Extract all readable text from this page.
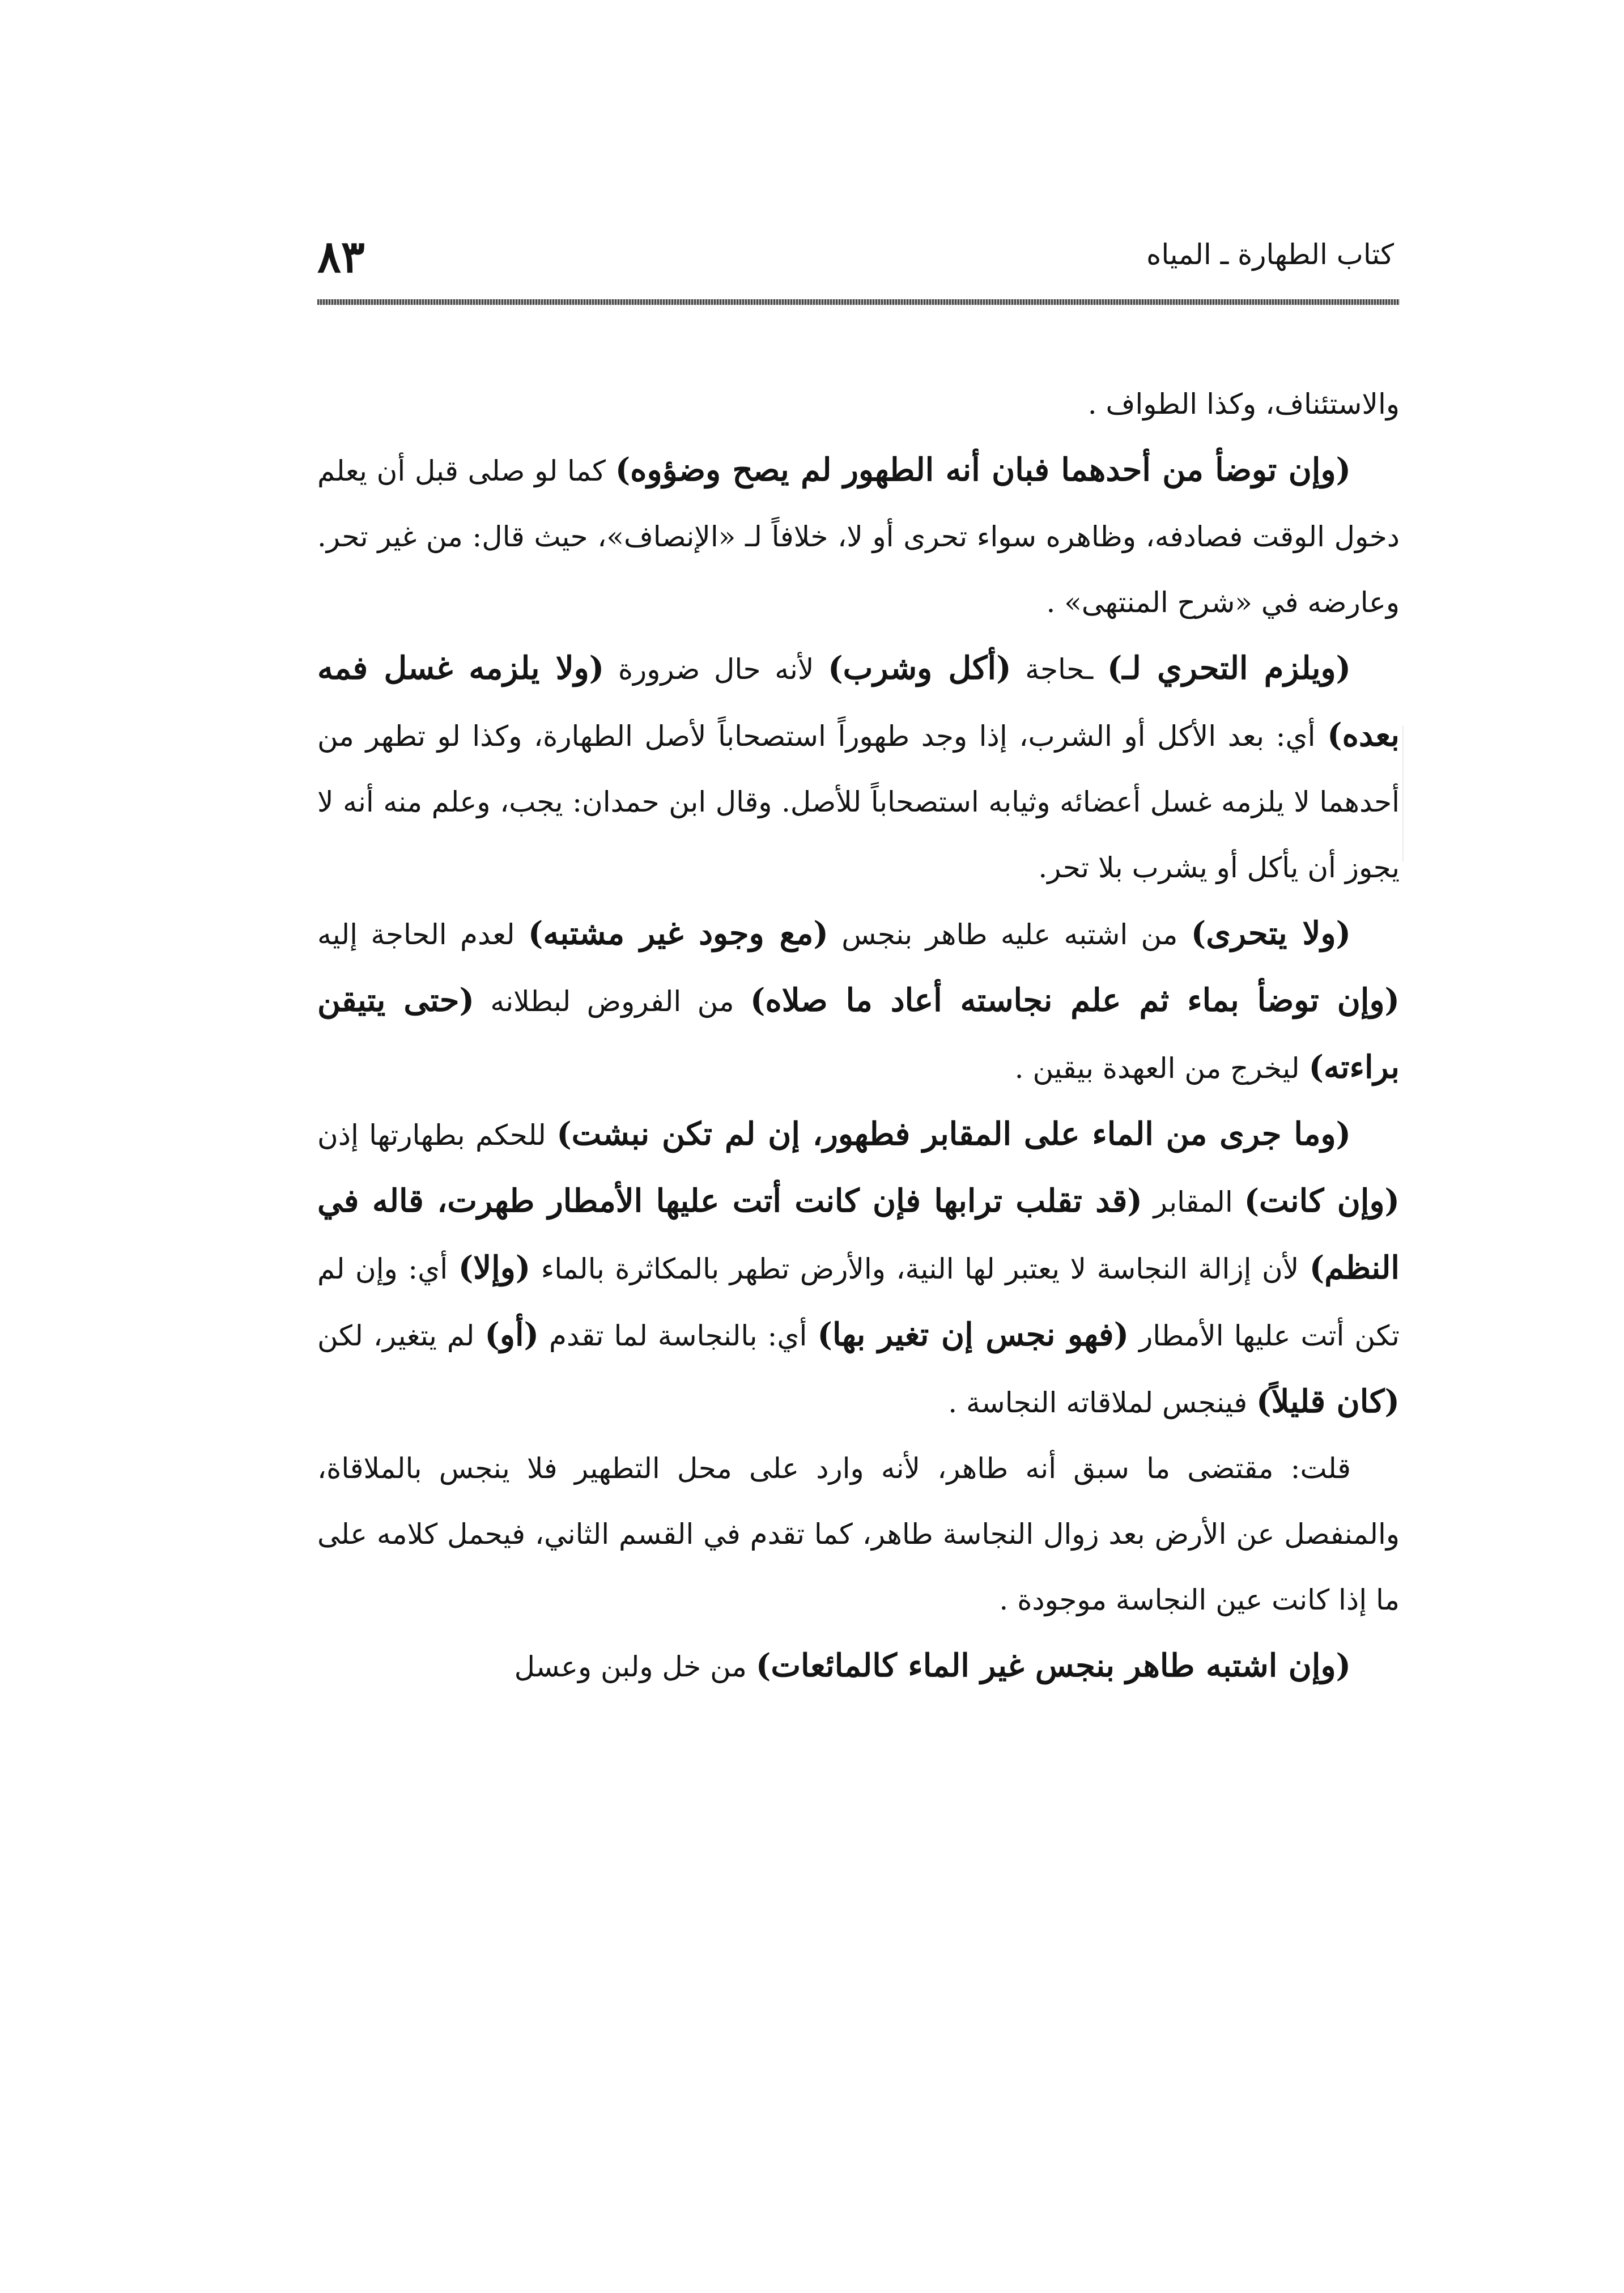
كتاب الطهارة ـ المياه
٨٣

والاستئناف، وكذا الطواف .

(وإن توضأ من أحدهما فبان أنه الطهور لم يصح وضؤوه) كما لو صلى قبل أن يعلم دخول الوقت فصادفه، وظاهره سواء تحرى أو لا، خلافاً لـ «الإنصاف»، حيث قال: من غير تحر. وعارضه في «شرح المنتهى» .

(ويلزم التحري لـ) ـحاجة (أكل وشرب) لأنه حال ضرورة (ولا يلزمه غسل فمه بعده) أي: بعد الأكل أو الشرب، إذا وجد طهوراً استصحاباً لأصل الطهارة، وكذا لو تطهر من أحدهما لا يلزمه غسل أعضائه وثيابه استصحاباً للأصل. وقال ابن حمدان: يجب، وعلم منه أنه لا يجوز أن يأكل أو يشرب بلا تحر.

(ولا يتحرى) من اشتبه عليه طاهر بنجس (مع وجود غير مشتبه) لعدم الحاجة إليه (وإن توضأ بماء ثم علم نجاسته أعاد ما صلاه) من الفروض لبطلانه (حتى يتيقن براءته) ليخرج من العهدة بيقين .

(وما جرى من الماء على المقابر فطهور، إن لم تكن نبشت) للحكم بطهارتها إذن (وإن كانت) المقابر (قد تقلب ترابها فإن كانت أتت عليها الأمطار طهرت، قاله في النظم) لأن إزالة النجاسة لا يعتبر لها النية، والأرض تطهر بالمكاثرة بالماء (وإلا) أي: وإن لم تكن أتت عليها الأمطار (فهو نجس إن تغير بها) أي: بالنجاسة لما تقدم (أو) لم يتغير، لكن (كان قليلاً) فينجس لملاقاته النجاسة .

قلت: مقتضى ما سبق أنه طاهر، لأنه وارد على محل التطهير فلا ينجس بالملاقاة، والمنفصل عن الأرض بعد زوال النجاسة طاهر، كما تقدم في القسم الثاني، فيحمل كلامه على ما إذا كانت عين النجاسة موجودة .

(وإن اشتبه طاهر بنجس غير الماء كالمائعات) من خل ولبن وعسل
